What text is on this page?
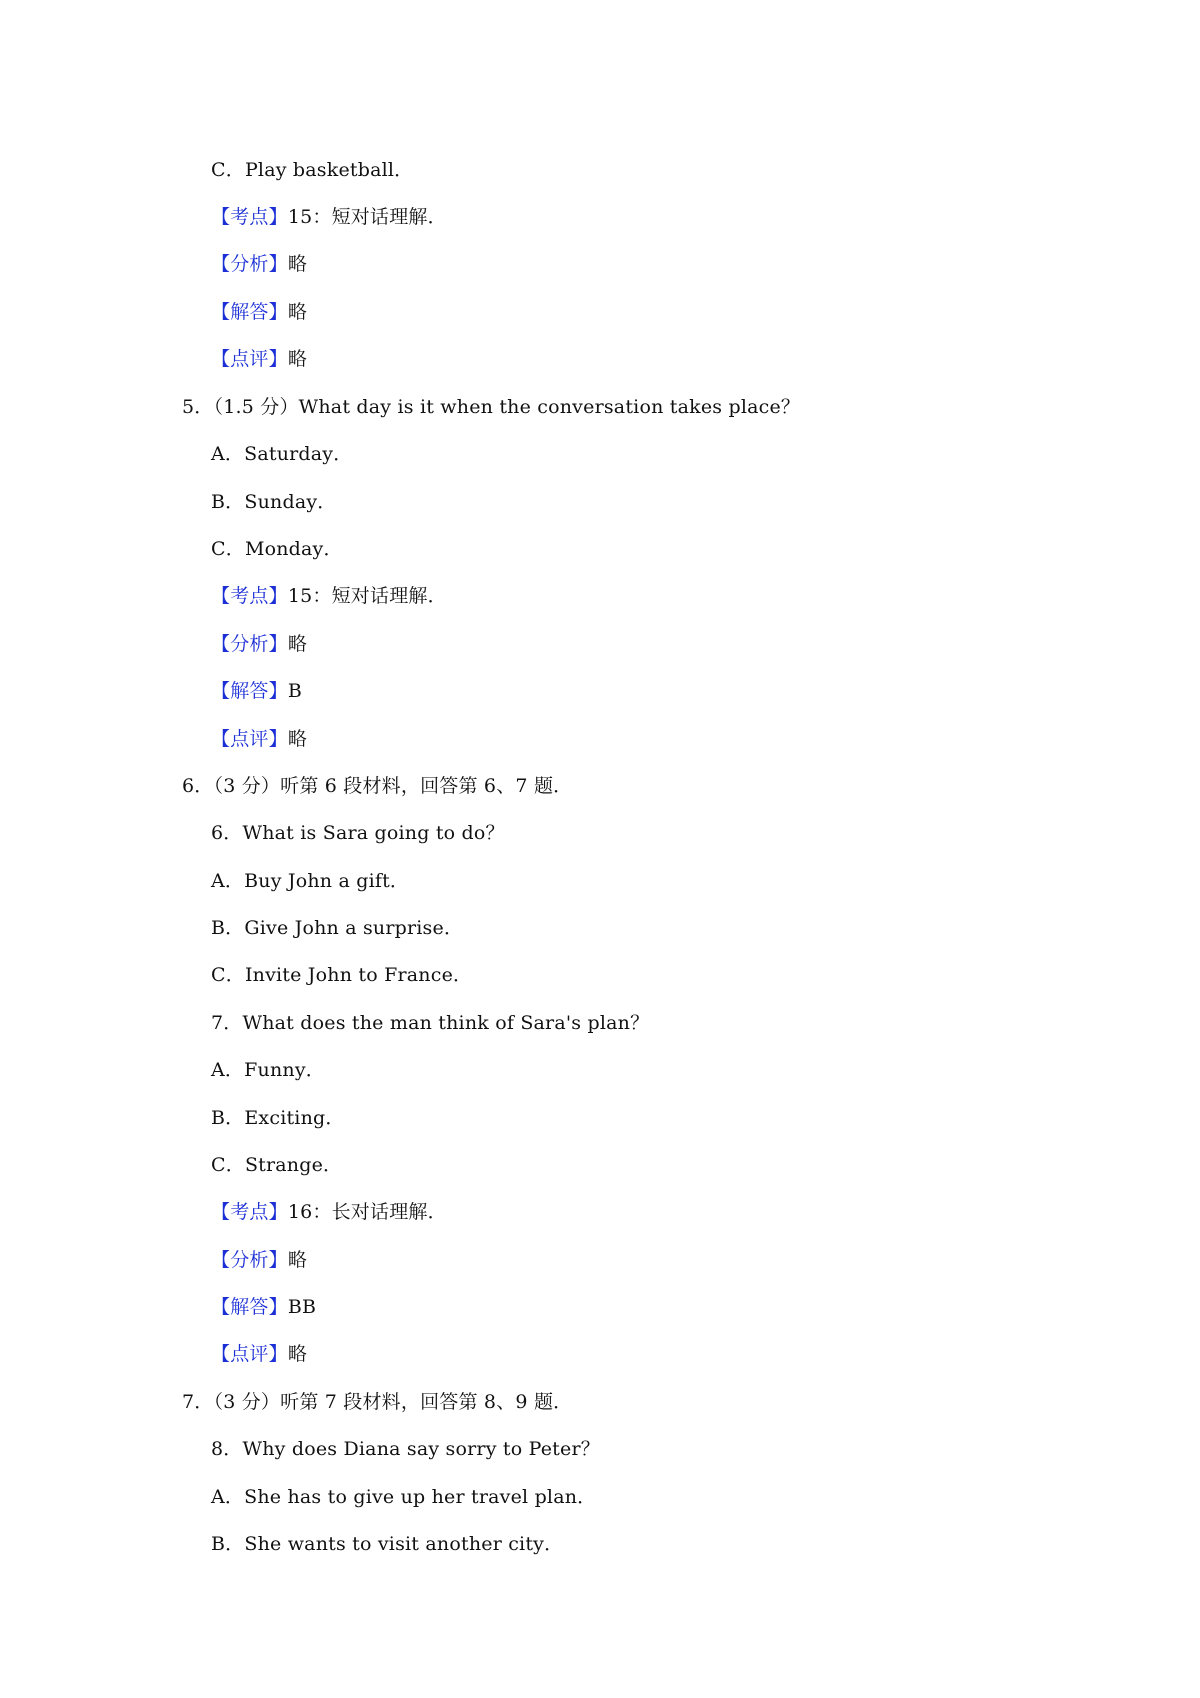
C．Play basketball．
【考点】15：短对话理解．
【分析】略
【解答】略
【点评】略
5．（1.5 分）What day is it when the conversation takes place？
A．Saturday．
B．Sunday．
C．Monday．
【考点】15：短对话理解．
【分析】略
【解答】B
【点评】略
6．（3 分）听第 6 段材料，回答第 6、7 题．
6．What is Sara going to do？
A．Buy John a gift．
B．Give John a surprise．
C．Invite John to France．
7．What does the man think of Sara's plan？
A．Funny．
B．Exciting．
C．Strange．
【考点】16：长对话理解．
【分析】略
【解答】BB
【点评】略
7．（3 分）听第 7 段材料，回答第 8、9 题．
8．Why does Diana say sorry to Peter？
A．She has to give up her travel plan．
B．She wants to visit another city．
